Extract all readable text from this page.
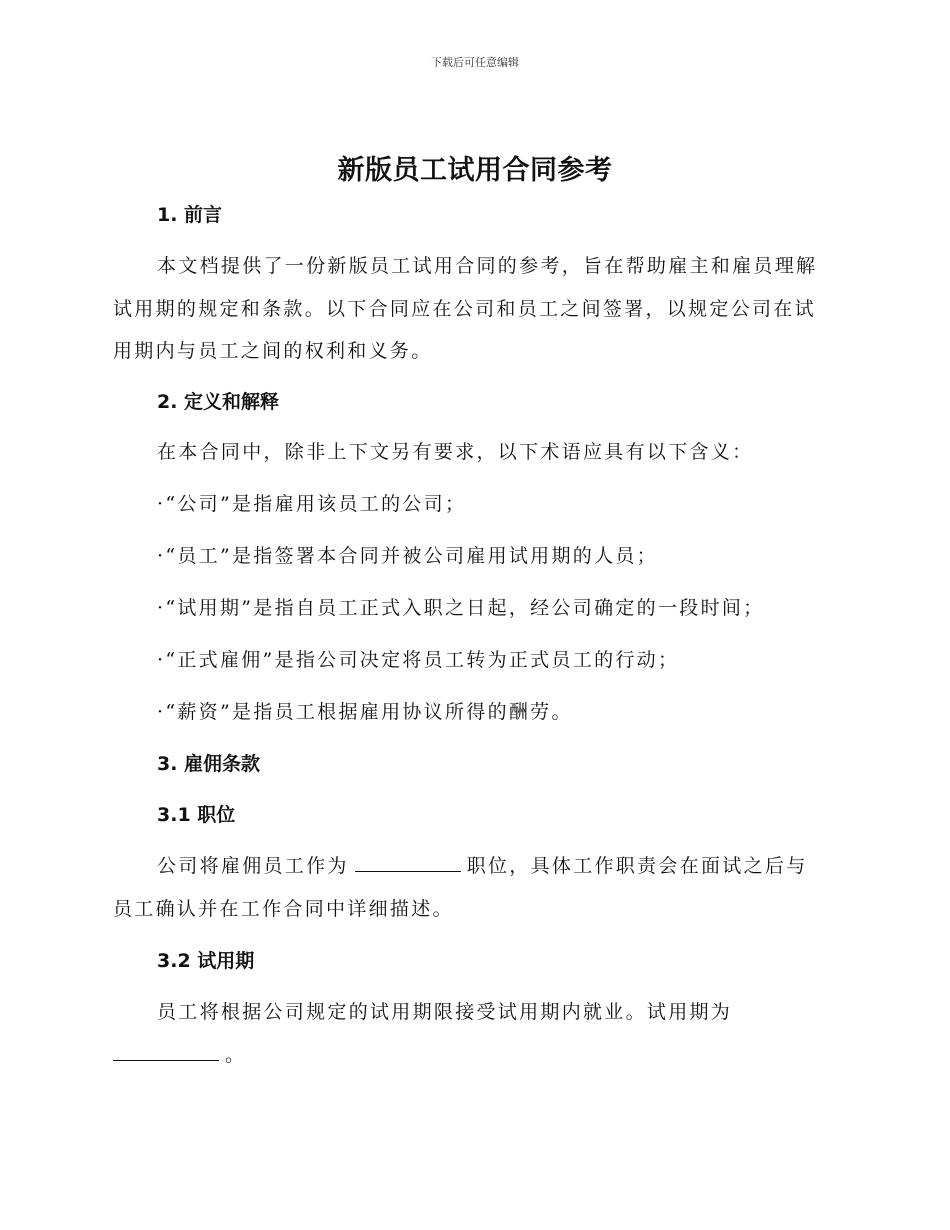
下载后可任意编辑
新版员工试用合同参考
1. 前言
本文档提供了一份新版员工试用合同的参考，旨在帮助雇主和雇员理解
试用期的规定和条款。以下合同应在公司和员工之间签署，以规定公司在试
用期内与员工之间的权利和义务。
2. 定义和解释
在本合同中，除非上下文另有要求，以下术语应具有以下含义：
·“公司”是指雇用该员工的公司；
·“员工”是指签署本合同并被公司雇用试用期的人员；
·“试用期”是指自员工正式入职之日起，经公司确定的一段时间；
·“正式雇佣”是指公司决定将员工转为正式员工的行动；
·“薪资”是指员工根据雇用协议所得的酬劳。
3. 雇佣条款
3.1 职位
公司将雇佣员工作为	职位，具体工作职责会在面试之后与
员工确认并在工作合同中详细描述。
3.2 试用期
员工将根据公司规定的试用期限接受试用期内就业。试用期为
。
